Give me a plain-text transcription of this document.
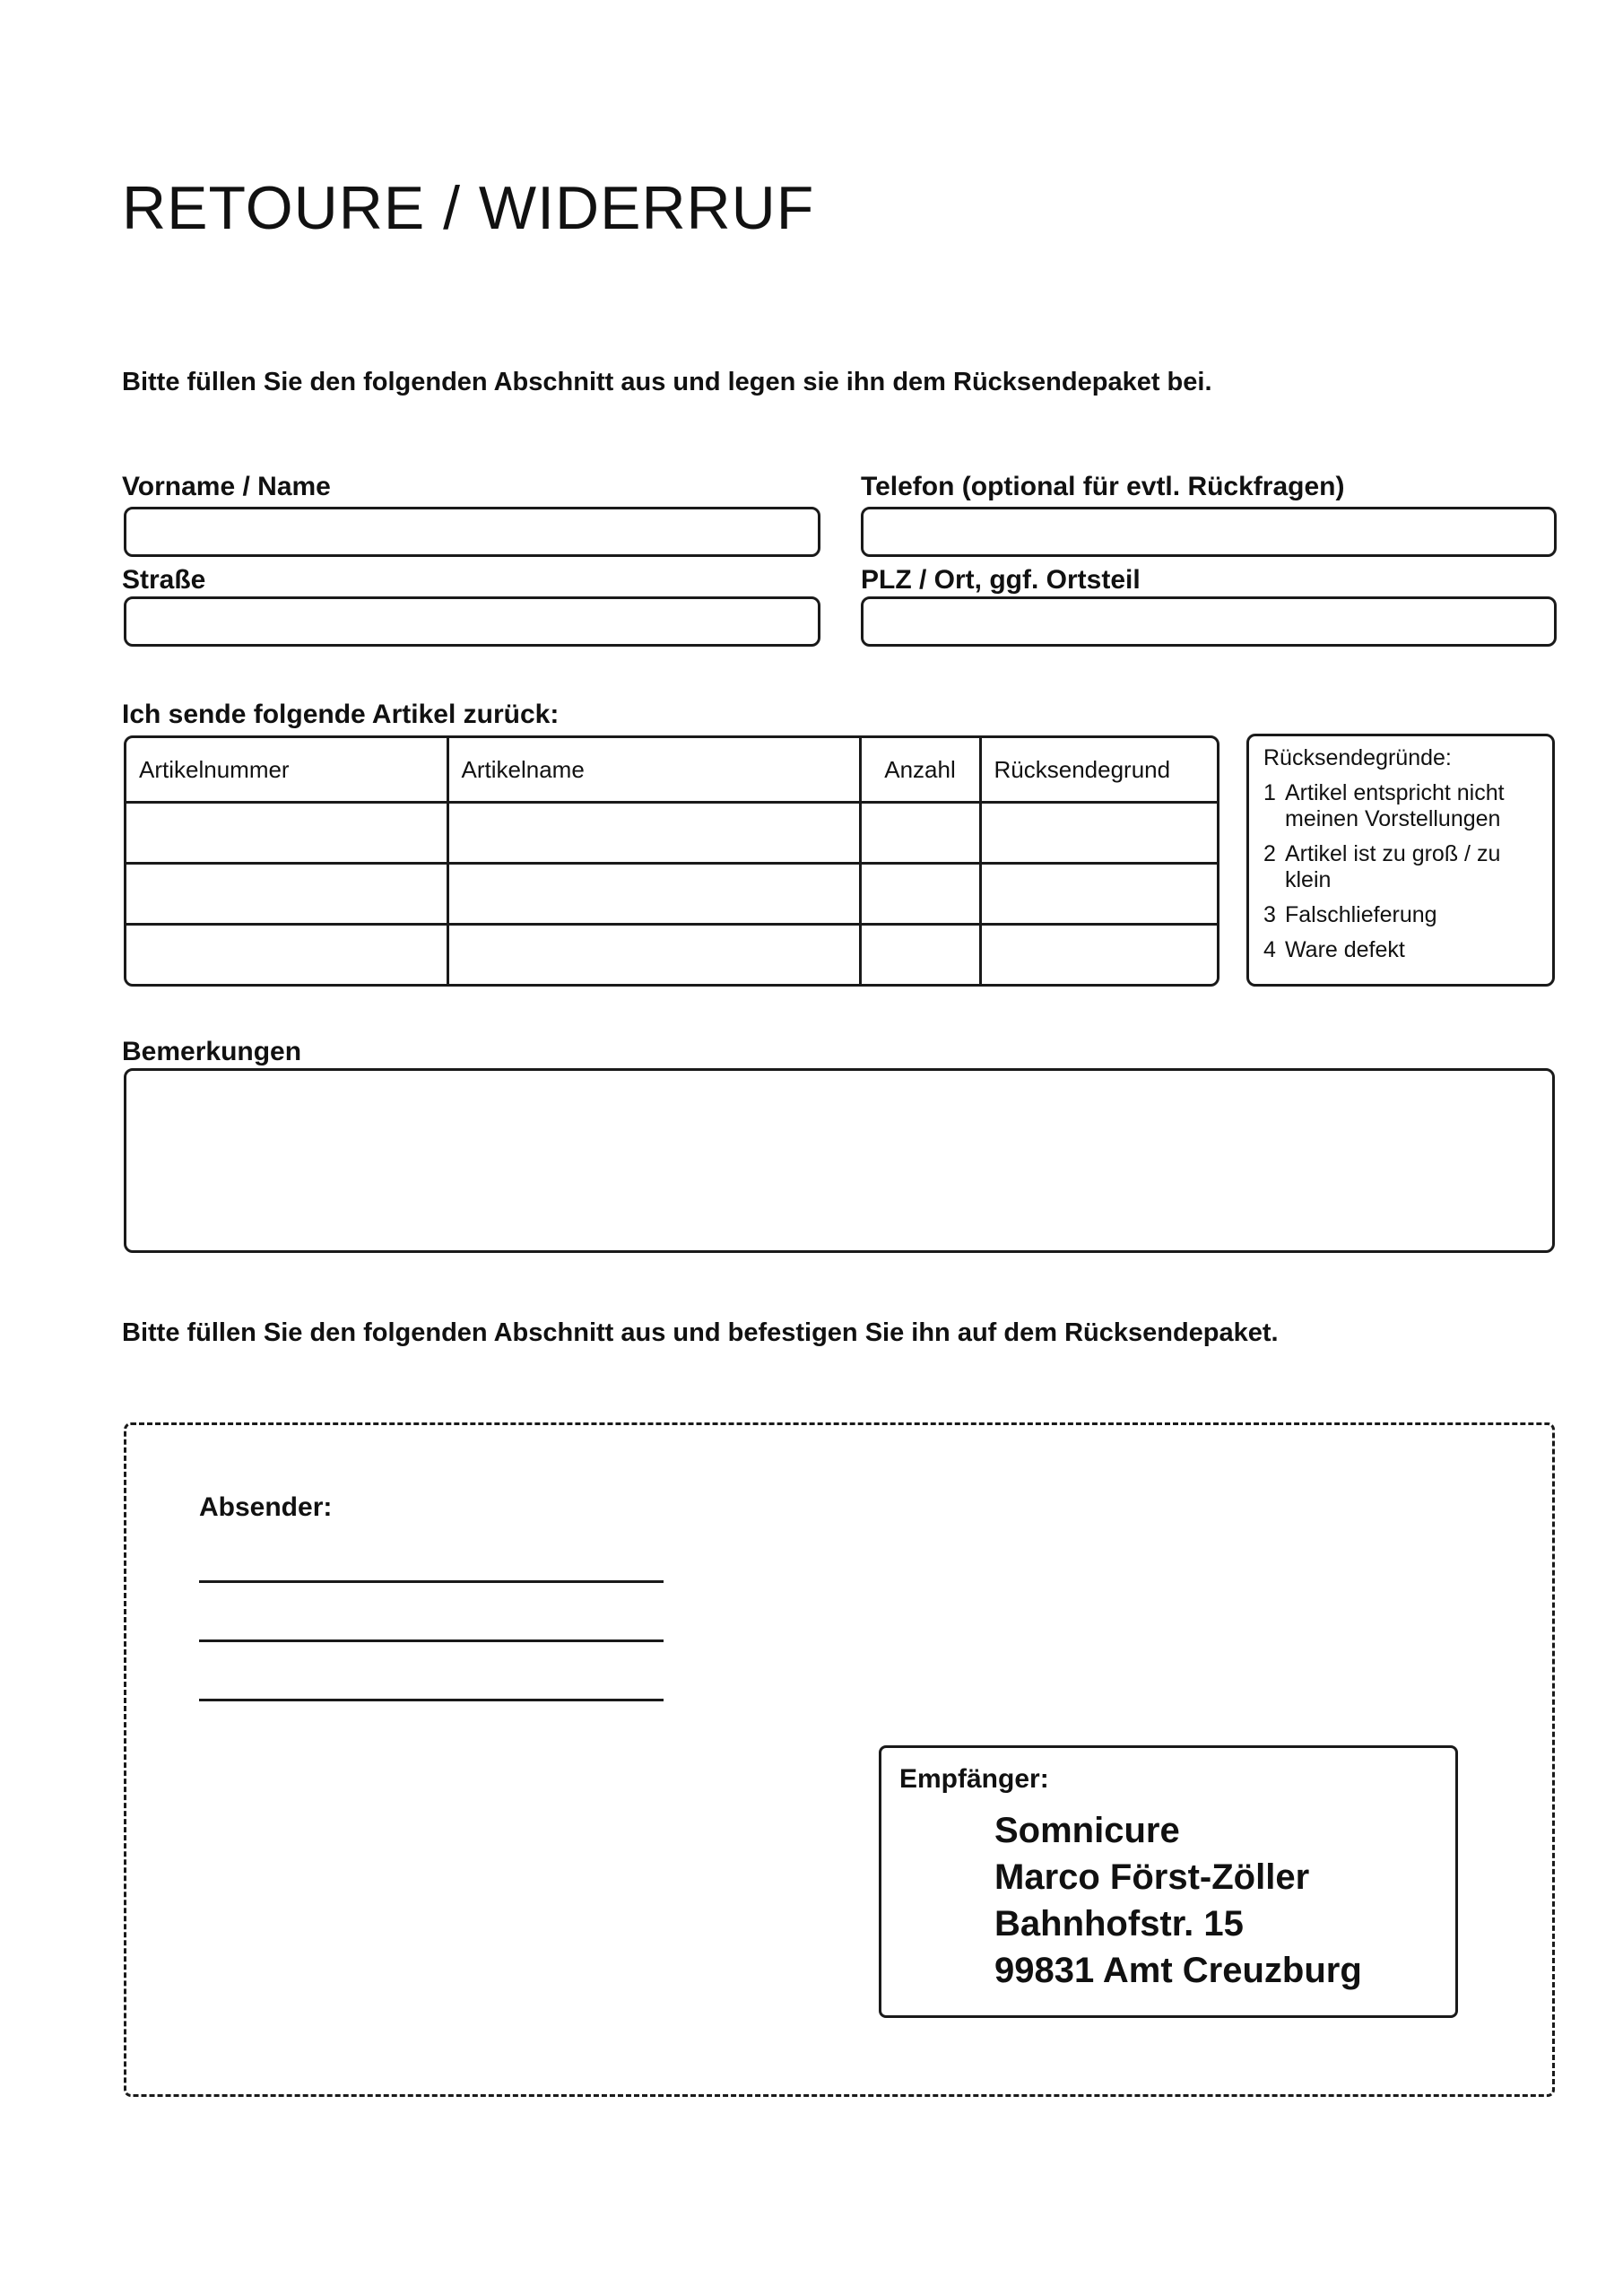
RETOURE / WIDERRUF
Bitte füllen Sie den folgenden Abschnitt aus und legen sie ihn dem Rücksendepaket bei.
Vorname / Name	Telefon (optional für evtl. Rückfragen)
Straße	PLZ / Ort, ggf. Ortsteil
Ich sende folgende Artikel zurück:
Artikelnummer	Artikelname	Anzahl	Rücksendegrund

				Rücksendegründe:
1 Artikel entspricht nicht meinen Vorstellungen
2 Artikel ist zu groß / zu klein
3 Falschlieferung
4 Ware defekt
Bemerkungen
Bitte füllen Sie den folgenden Abschnitt aus und befestigen Sie ihn auf dem Rücksendepaket.
Absender:
Empfänger:
Somnicure
Marco Först-Zöller
Bahnhofstr. 15
99831 Amt Creuzburg
